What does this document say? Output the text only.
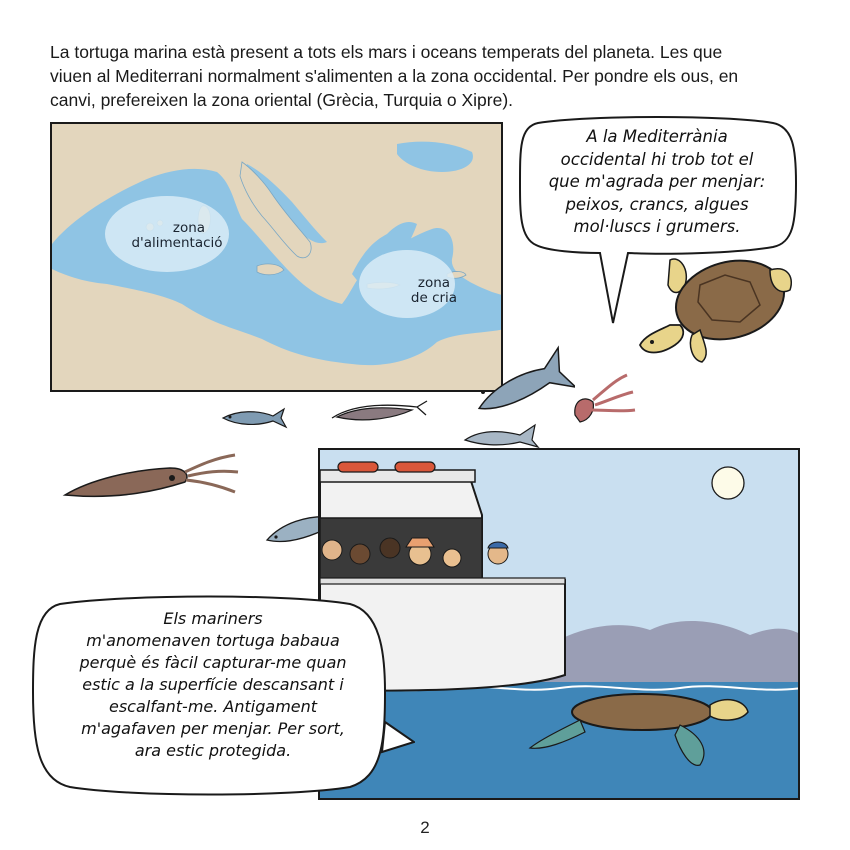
La tortuga marina està present a tots els mars i oceans temperats del planeta. Les que
viuen al Mediterrani normalment s'alimenten a la zona occidental. Per pondre els ous, en
canvi, prefereixen la zona oriental (Grècia, Turquia o Xipre).
zona
d'alimentació
zona
de cria
A la Mediterrània
occidental hi trob tot el
que m'agrada per menjar:
peixos, crancs, algues
mol·luscs i grumers.
Els mariners
m'anomenaven tortuga babaua
perquè és fàcil capturar-me quan
estic a la superfície descansant i
escalfant-me. Antigament
m'agafaven per menjar. Per sort,
ara estic protegida.
2
